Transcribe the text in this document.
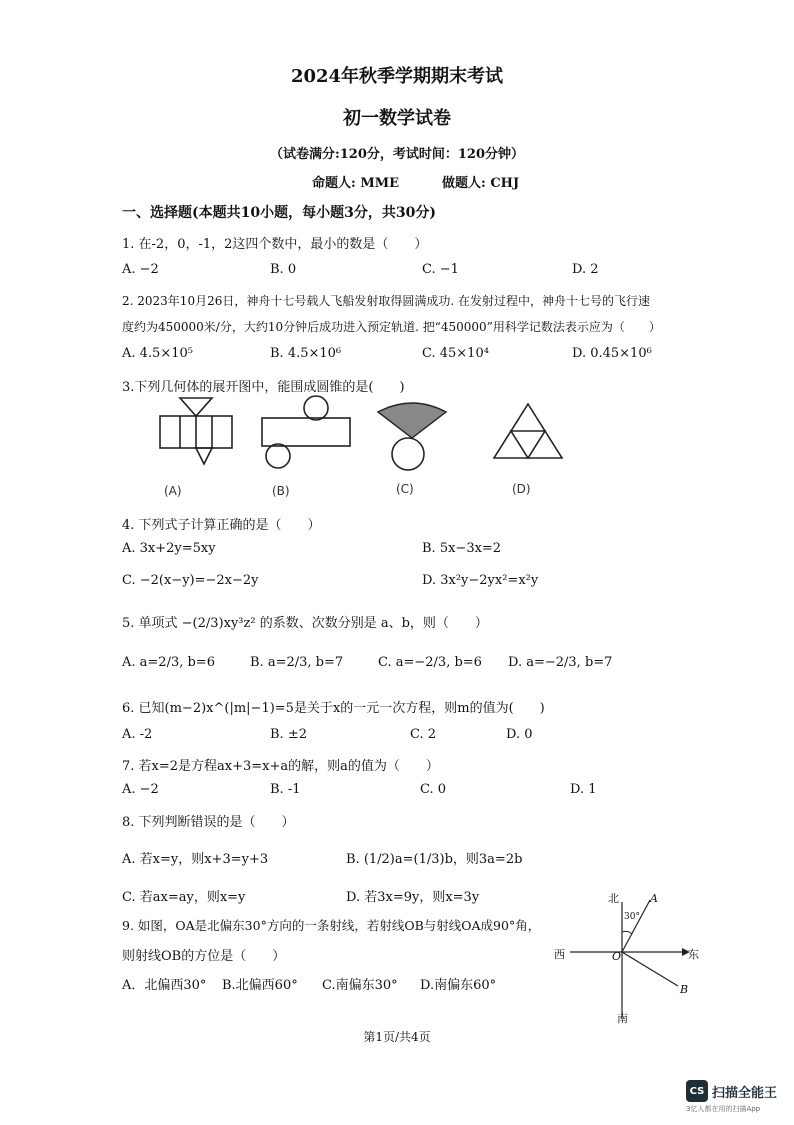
2024年秋季学期期末考试
初一数学试卷
（试卷满分:120分，考试时间：120分钟）
命题人: MME	做题人: CHJ
一、选择题(本题共10小题，每小题3分，共30分)
1. 在-2，0，-1，2这四个数中，最小的数是（　　）
A. −2	B. 0	C. −1	D. 2
2. 2023年10月26日，神舟十七号载人飞船发射取得圆满成功. 在发射过程中，神舟十七号的飞行速
度约为450000米/分，大约10分钟后成功进入预定轨道. 把“450000”用科学记数法表示应为（　　）
A. 4.5×10⁵	B. 4.5×10⁶	C. 45×10⁴	D. 0.45×10⁶
3.下列几何体的展开图中，能围成圆锥的是(　　)
(A)	(B)	(C)	(D)
4. 下列式子计算正确的是（　　）
A. 3x+2y=5xy	B. 5x−3x=2
C. −2(x−y)=−2x−2y	D. 3x²y−2yx²=x²y
5. 单项式 −(2/3)xy³z² 的系数、次数分别是 a、b，则（　　）
A. a=2/3, b=6	B. a=2/3, b=7	C. a=−2/3, b=6 D. a=−2/3, b=7
6. 已知(m−2)x^(|m|−1)=5是关于x的一元一次方程，则m的值为(　　)
A. -2	B. ±2	C. 2	D. 0
7. 若x=2是方程ax+3=x+a的解，则a的值为（　　）
A. −2	B. -1	C. 0	D. 1
8. 下列判断错误的是（　　）
A. 若x=y，则x+3=y+3	B. (1/2)a=(1/3)b，则3a=2b
C. 若ax=ay，则x=y	D. 若3x=9y，则x=3y
9. 如图，OA是北偏东30°方向的一条射线，若射线OB与射线OA成90°角，
则射线OB的方位是（　　）
A．北偏西30° B.北偏西60° C.南偏东30° D.南偏东60°
北
南
东
西	O
A
B
30°
第1页/共4页
CS 扫描全能王
3亿人都在用的扫描App
